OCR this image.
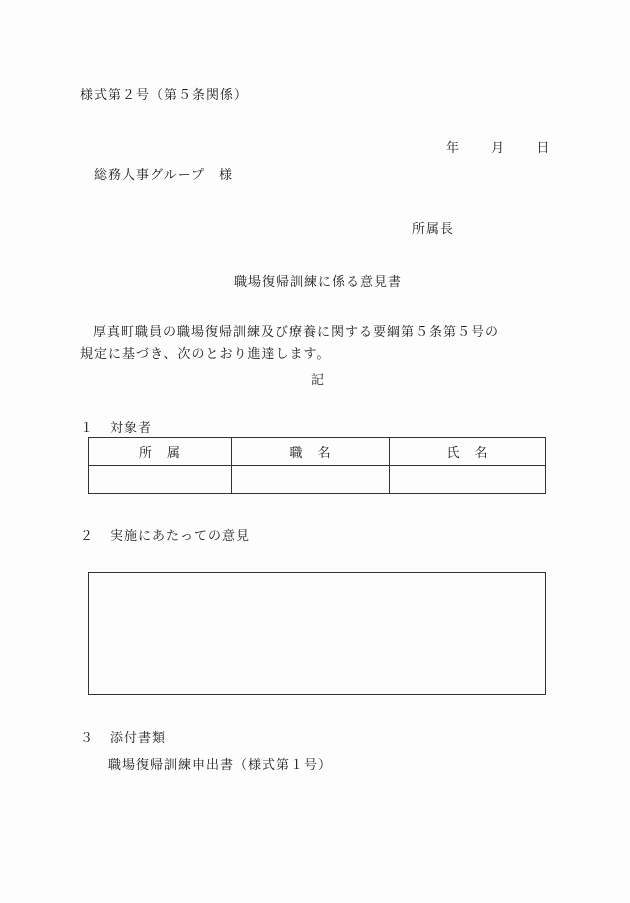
様式第２号（第５条関係）
年 月 日
総務人事グループ　様
所属長
職場復帰訓練に係る意見書

厚真町職員の職場復帰訓練及び療養に関する要綱第５条第５号の

規定に基づき、次のとおり進達します。

記
１ 対象者
所　属	職　名	氏　名

２ 実施にあたっての意見
３ 添付書類
職場復帰訓練申出書（様式第１号）
